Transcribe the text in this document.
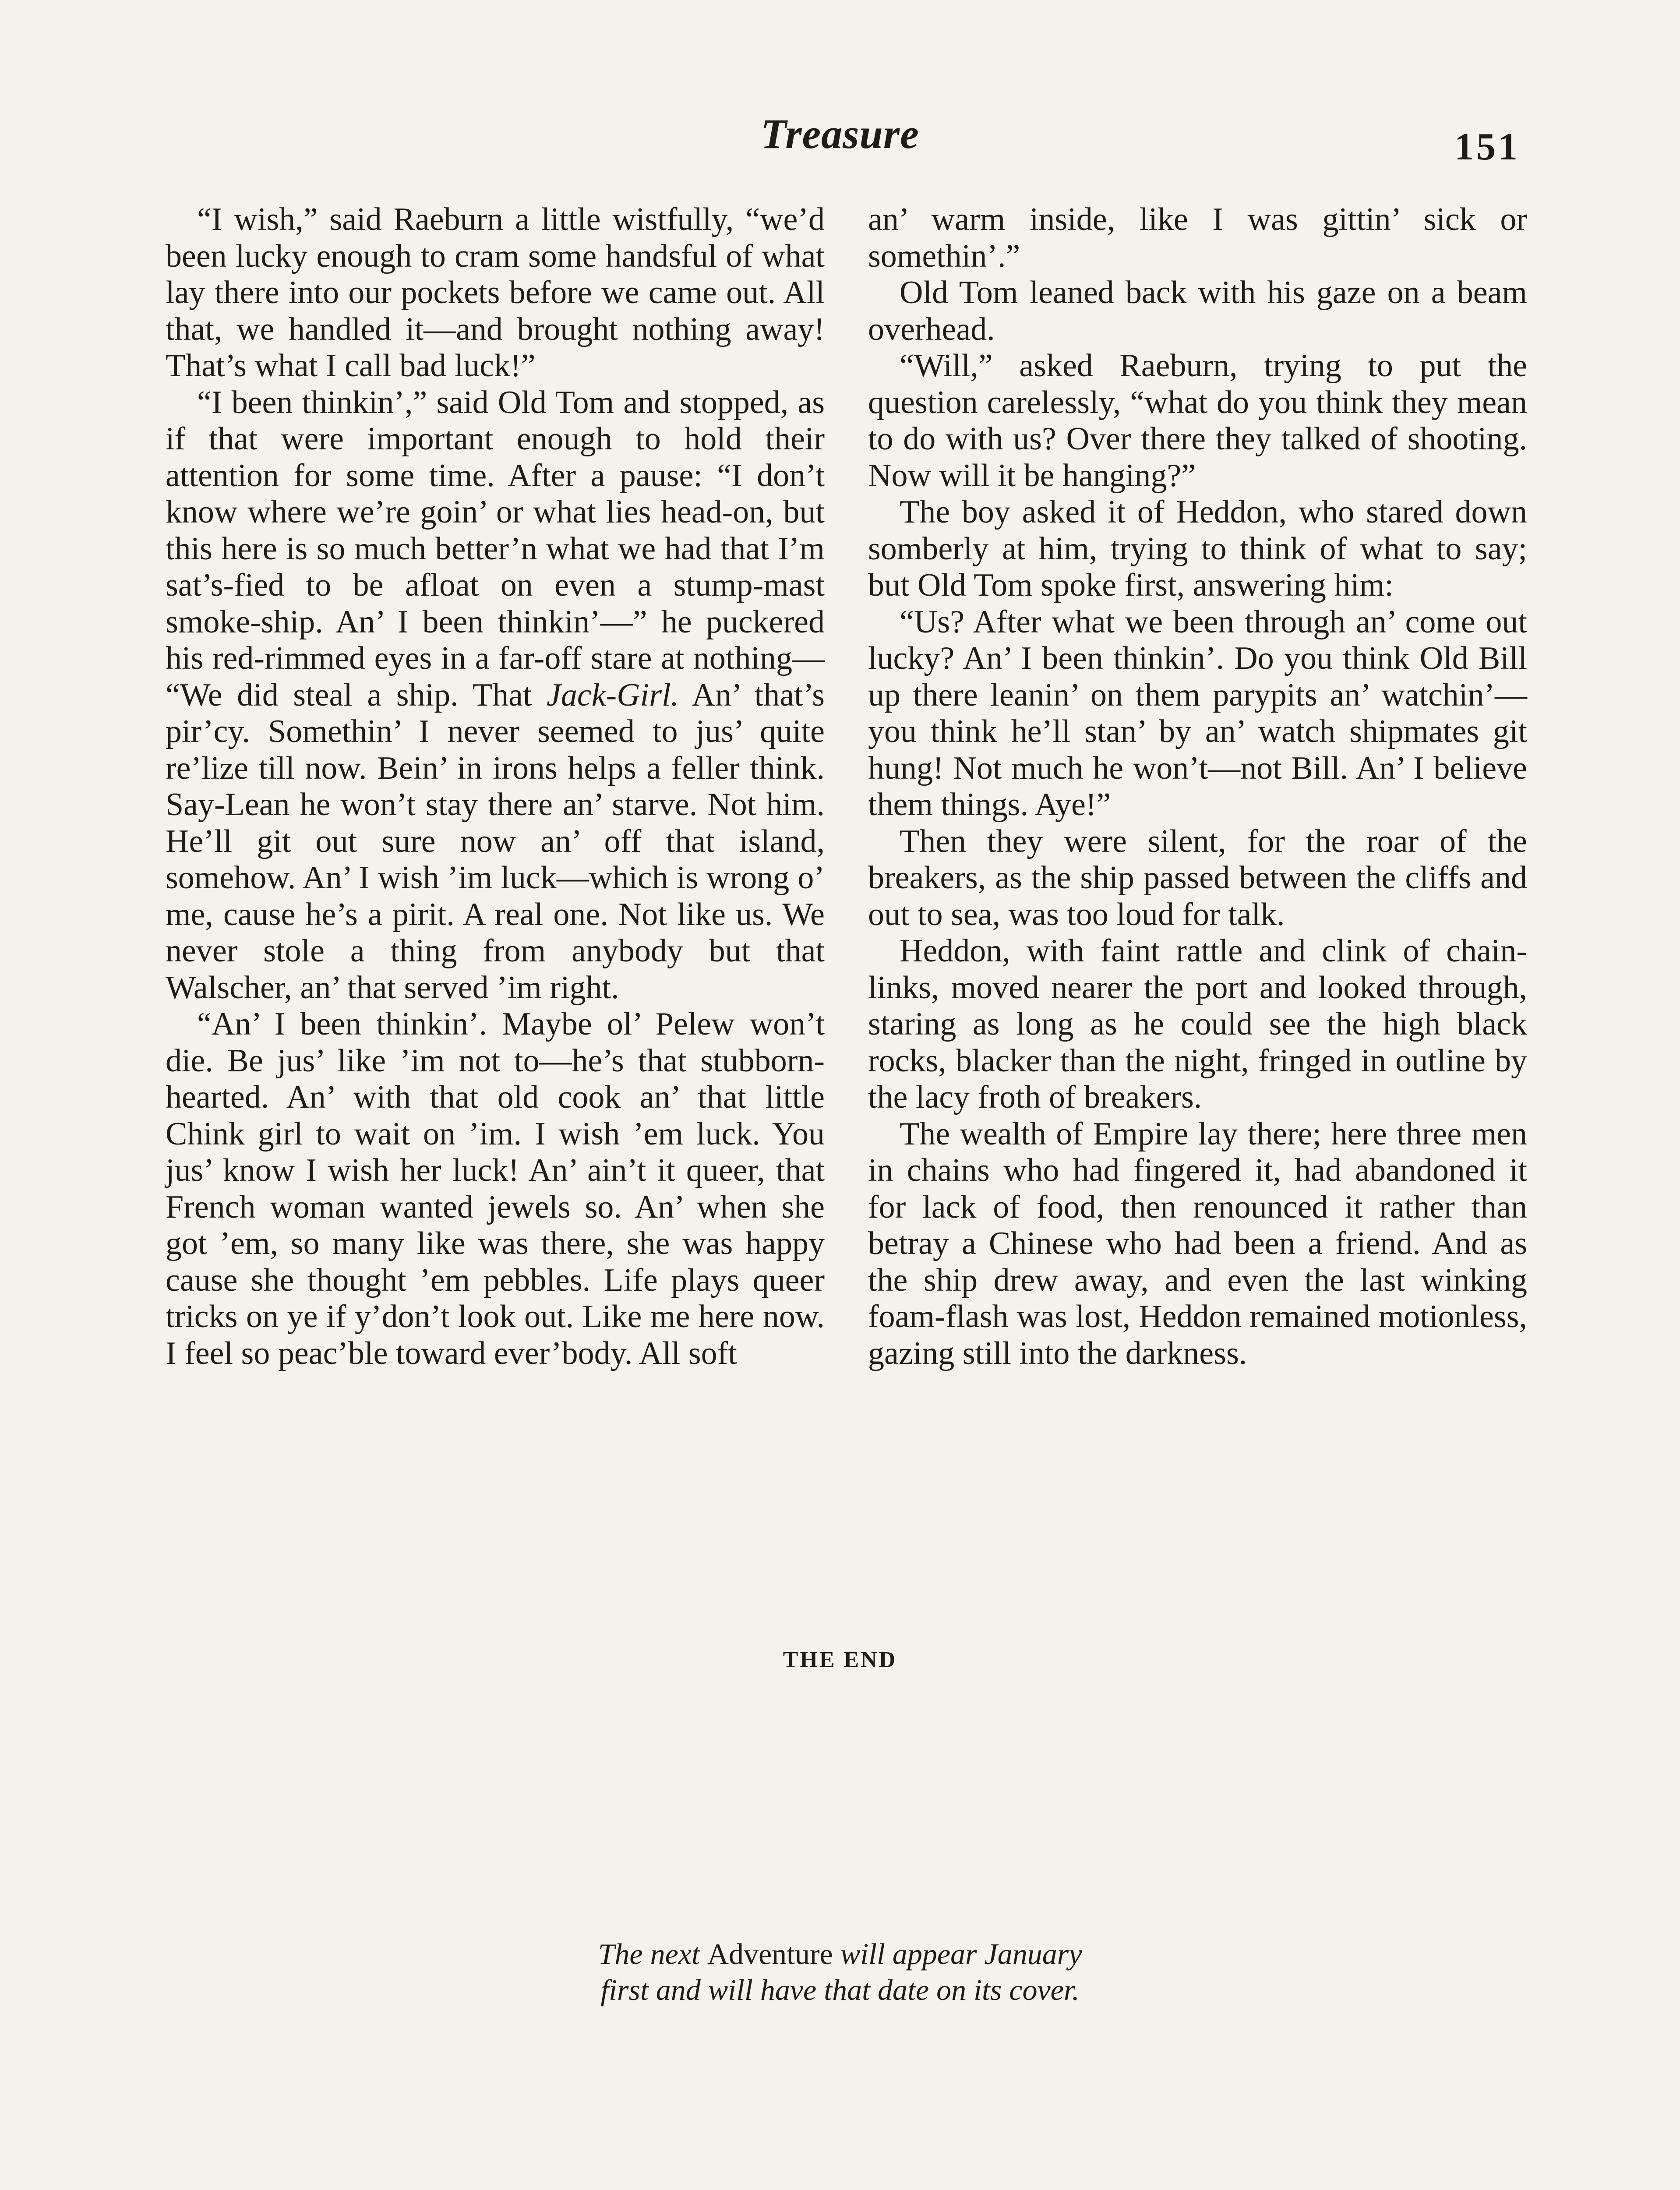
Treasure	151

“I wish,” said Raeburn a little wistfully, “we’d been lucky enough to cram some handsful of what lay there into our pockets before we came out. All that, we handled it—and brought nothing away! That’s what I call bad luck!”

“I been thinkin’,” said Old Tom and stopped, as if that were important enough to hold their attention for some time. After a pause: “I don’t know where we’re goin’ or what lies head-on, but this here is so much better’n what we had that I’m sat’s-fied to be afloat on even a stump-mast smoke-ship. An’ I been thinkin’—” he puckered his red-rimmed eyes in a far-off stare at nothing— “We did steal a ship. That Jack-Girl. An’ that’s pir’cy. Somethin’ I never seemed to jus’ quite re’lize till now. Bein’ in irons helps a feller think. Say-Lean he won’t stay there an’ starve. Not him. He’ll git out sure now an’ off that island, somehow. An’ I wish ’im luck—which is wrong o’ me, cause he’s a pirit. A real one. Not like us. We never stole a thing from anybody but that Walscher, an’ that served ’im right.

“An’ I been thinkin’. Maybe ol’ Pelew won’t die. Be jus’ like ’im not to—he’s that stubborn-hearted. An’ with that old cook an’ that little Chink girl to wait on ’im. I wish ’em luck. You jus’ know I wish her luck! An’ ain’t it queer, that French woman wanted jewels so. An’ when she got ’em, so many like was there, she was happy cause she thought ’em pebbles. Life plays queer tricks on ye if y’don’t look out. Like me here now. I feel so peac’ble toward ever’body. All soft

an’ warm inside, like I was gittin’ sick or somethin’.”

Old Tom leaned back with his gaze on a beam overhead.

“Will,” asked Raeburn, trying to put the question carelessly, “what do you think they mean to do with us? Over there they talked of shooting. Now will it be hanging?”

The boy asked it of Heddon, who stared down somberly at him, trying to think of what to say; but Old Tom spoke first, answering him:

“Us? After what we been through an’ come out lucky? An’ I been thinkin’. Do you think Old Bill up there leanin’ on them parypits an’ watchin’—you think he’ll stan’ by an’ watch shipmates git hung! Not much he won’t—not Bill. An’ I believe them things. Aye!”

Then they were silent, for the roar of the breakers, as the ship passed between the cliffs and out to sea, was too loud for talk.

Heddon, with faint rattle and clink of chain-links, moved nearer the port and looked through, staring as long as he could see the high black rocks, blacker than the night, fringed in outline by the lacy froth of breakers.

The wealth of Empire lay there; here three men in chains who had fingered it, had abandoned it for lack of food, then renounced it rather than betray a Chinese who had been a friend. And as the ship drew away, and even the last winking foam-flash was lost, Heddon remained motionless, gazing still into the darkness.

THE END
The next Adventure will appear January
first and will have that date on its cover.
